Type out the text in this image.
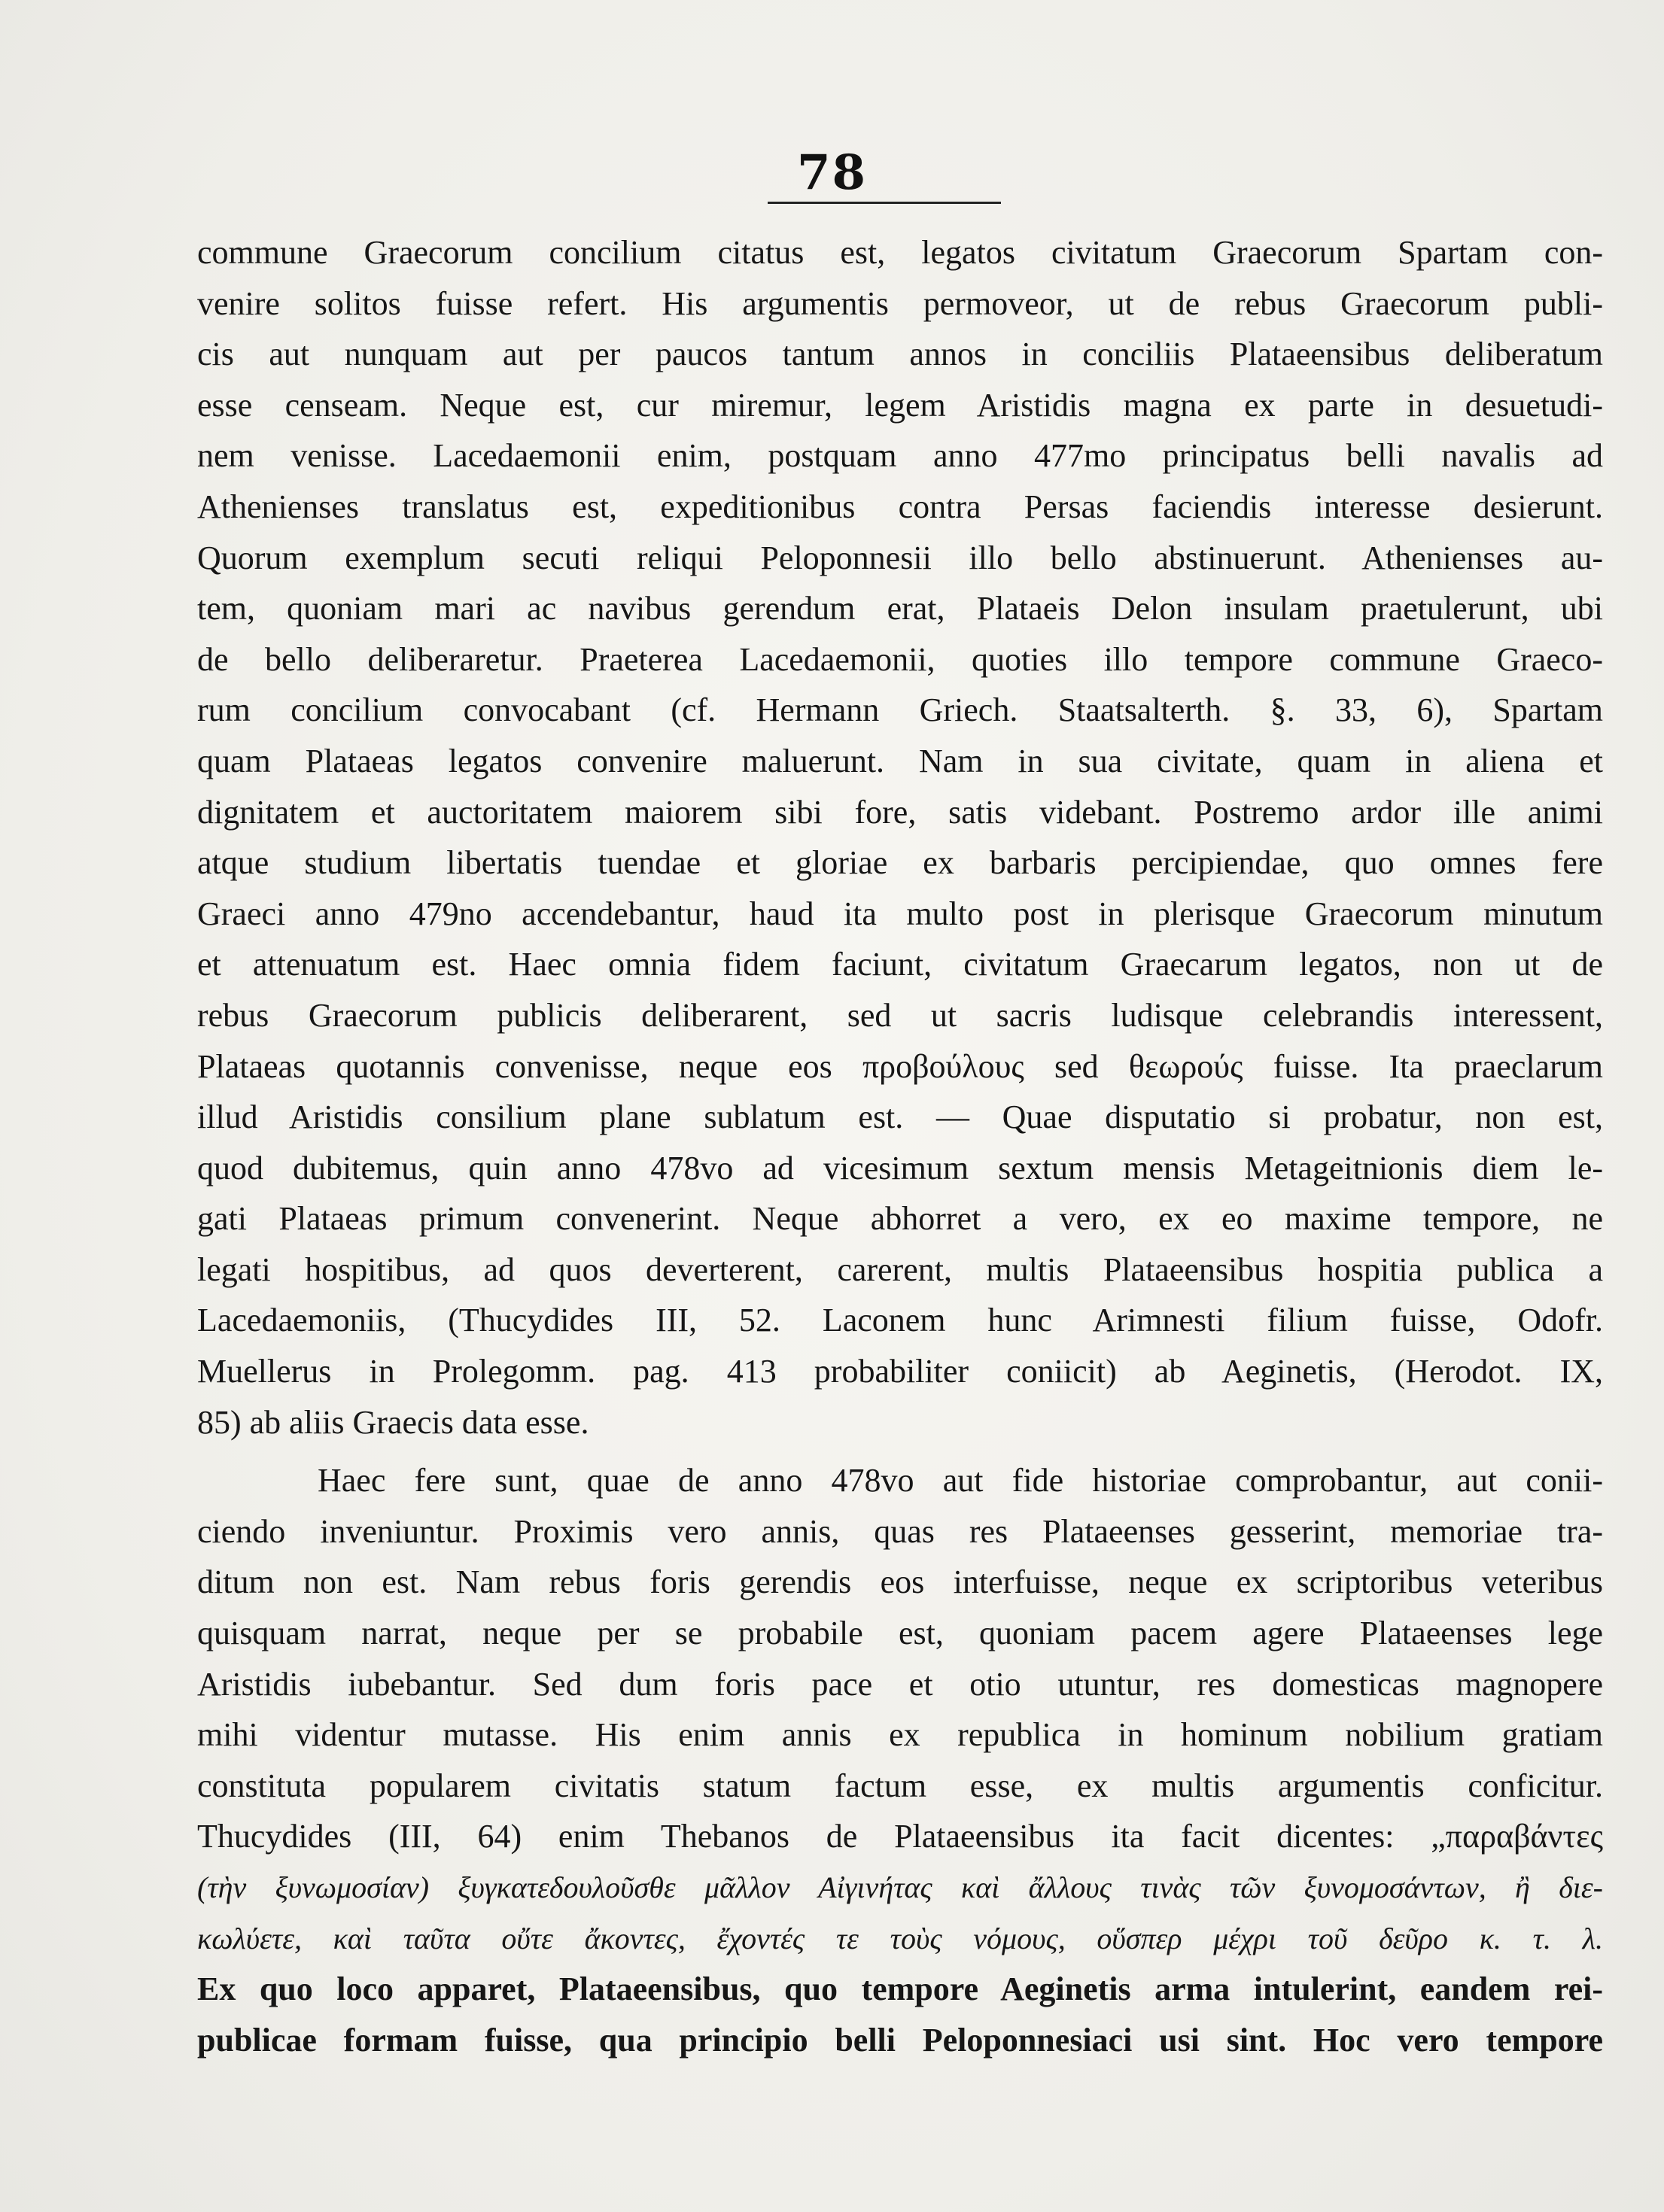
78
commune Graecorum concilium citatus est, legatos civitatum Graecorum Spartam con-
venire solitos fuisse refert. His argumentis permoveor, ut de rebus Graecorum publi-
cis aut nunquam aut per paucos tantum annos in conciliis Plataeensibus deliberatum
esse censeam. Neque est, cur miremur, legem Aristidis magna ex parte in desuetudi-
nem venisse. Lacedaemonii enim, postquam anno 477mo principatus belli navalis ad
Athenienses translatus est, expeditionibus contra Persas faciendis interesse desierunt.
Quorum exemplum secuti reliqui Peloponnesii illo bello abstinuerunt. Athenienses au-
tem, quoniam mari ac navibus gerendum erat, Plataeis Delon insulam praetulerunt, ubi
de bello deliberaretur. Praeterea Lacedaemonii, quoties illo tempore commune Graeco-
rum concilium convocabant (cf. Hermann Griech. Staatsalterth. §. 33, 6), Spartam
quam Plataeas legatos convenire maluerunt. Nam in sua civitate, quam in aliena et
dignitatem et auctoritatem maiorem sibi fore, satis videbant. Postremo ardor ille animi
atque studium libertatis tuendae et gloriae ex barbaris percipiendae, quo omnes fere
Graeci anno 479no accendebantur, haud ita multo post in plerisque Graecorum minutum
et attenuatum est. Haec omnia fidem faciunt, civitatum Graecarum legatos, non ut de
rebus Graecorum publicis deliberarent, sed ut sacris ludisque celebrandis interessent,
Plataeas quotannis convenisse, neque eos προβούλους sed θεωρούς fuisse. Ita praeclarum
illud Aristidis consilium plane sublatum est. — Quae disputatio si probatur, non est,
quod dubitemus, quin anno 478vo ad vicesimum sextum mensis Metageitnionis diem le-
gati Plataeas primum convenerint. Neque abhorret a vero, ex eo maxime tempore, ne
legati hospitibus, ad quos deverterent, carerent, multis Plataeensibus hospitia publica a
Lacedaemoniis, (Thucydides III, 52. Laconem hunc Arimnesti filium fuisse, Odofr.
Muellerus in Prolegomm. pag. 413 probabiliter coniicit) ab Aeginetis, (Herodot. IX,
85) ab aliis Graecis data esse.
Haec fere sunt, quae de anno 478vo aut fide historiae comprobantur, aut conii-
ciendo inveniuntur. Proximis vero annis, quas res Plataeenses gesserint, memoriae tra-
ditum non est. Nam rebus foris gerendis eos interfuisse, neque ex scriptoribus veteribus
quisquam narrat, neque per se probabile est, quoniam pacem agere Plataeenses lege
Aristidis iubebantur. Sed dum foris pace et otio utuntur, res domesticas magnopere
mihi videntur mutasse. His enim annis ex republica in hominum nobilium gratiam
constituta popularem civitatis statum factum esse, ex multis argumentis conficitur.
Thucydides (III, 64) enim Thebanos de Plataeensibus ita facit dicentes: „παραβάντες
(τὴν ξυνωμοσίαν) ξυγκατεδουλοῦσθε μᾶλλον Αἰγινήτας καὶ ἄλλους τινὰς τῶν ξυνομοσάντων, ἢ διε-
κωλύετε, καὶ ταῦτα οὔτε ἄκοντες, ἔχοντές τε τοὺς νόμους, οὕσπερ μέχρι τοῦ δεῦρο κ. τ. λ.
Ex quo loco apparet, Plataeensibus, quo tempore Aeginetis arma intulerint, eandem rei-
publicae formam fuisse, qua principio belli Peloponnesiaci usi sint. Hoc vero tempore
